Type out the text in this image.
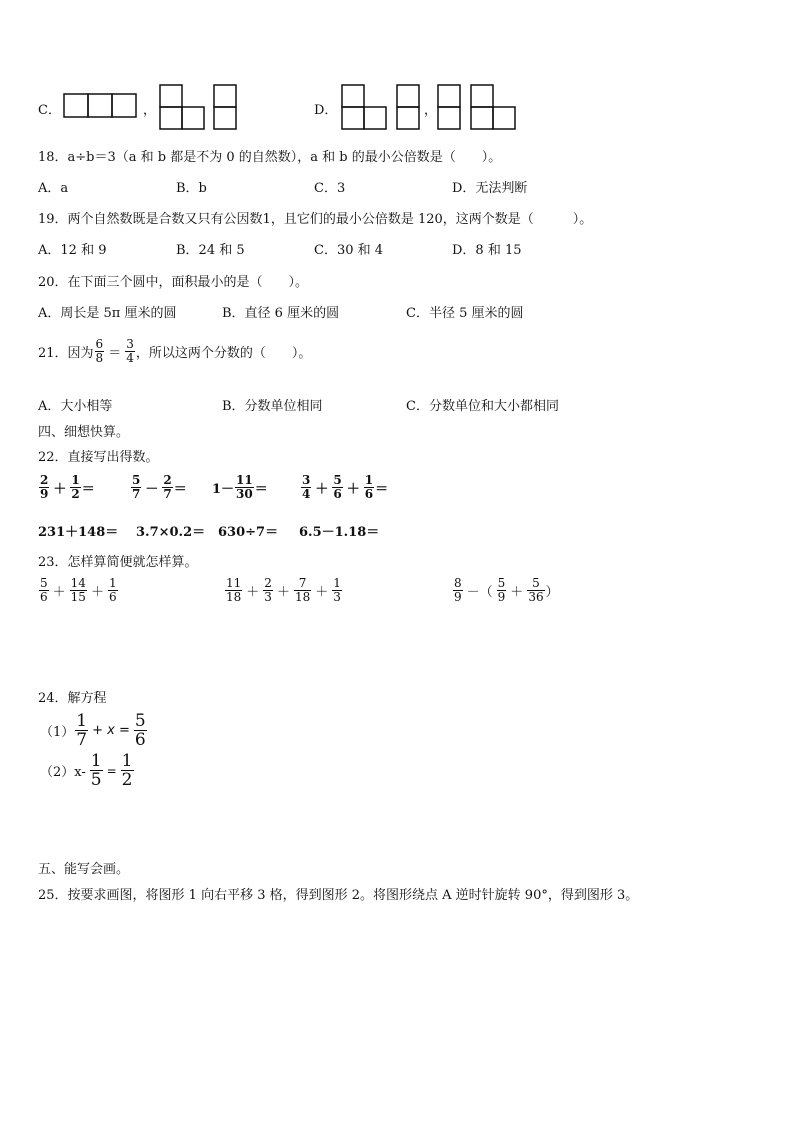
C．	，	D．	，
18．a÷b＝3（a 和 b 都是不为 0 的自然数），a 和 b 的最小公倍数是（　　）。
A．a	B．b	C．3	D．无法判断
19．两个自然数既是合数又只有公因数1，且它们的最小公倍数是 120，这两个数是（　　　）。
A．12 和 9	B．24 和 5	C．30 和 4	D．8 和 15
20．在下面三个圆中，面积最小的是（　　）。
A．周长是 5π 厘米的圆	B．直径 6 厘米的圆	C．半径 5 厘米的圆
21．因为 $\frac{6}{8} = \frac{3}{4}$ ，所以这两个分数的（　　）。
A．大小相等	B．分数单位相同	C．分数单位和大小都相同
四、细想快算。
22．直接写出得数。
$\frac{2}{9} + \frac{1}{2}$ ＝	$\frac{5}{7} - \frac{2}{7} = 1- \frac{11}{30}$ ＝	$\frac{3}{4} + \frac{5}{6} + \frac{1}{6}$ ＝
231＋148＝ 3.7×0.2＝ 630÷7＝ 6.5－1.18＝
23．怎样算简便就怎样算。
$\frac{5}{6} + \frac{14}{15} + \frac{1}{6}$	$\frac{11}{18} + \frac{2}{3} + \frac{7}{18} + \frac{1}{3}$	$\frac{8}{9}$ －（ $\frac{5}{9} + \frac{5}{36}$ ）
24．解方程
$(1) \frac{1}{7} + x = \frac{5}{6}$
$(2)x- \frac{1}{5} = \frac{1}{2}$
五、能写会画。
25．按要求画图，将图形 1 向右平移 3 格，得到图形 2。将图形绕点 A 逆时针旋转 90°，得到图形 3。
